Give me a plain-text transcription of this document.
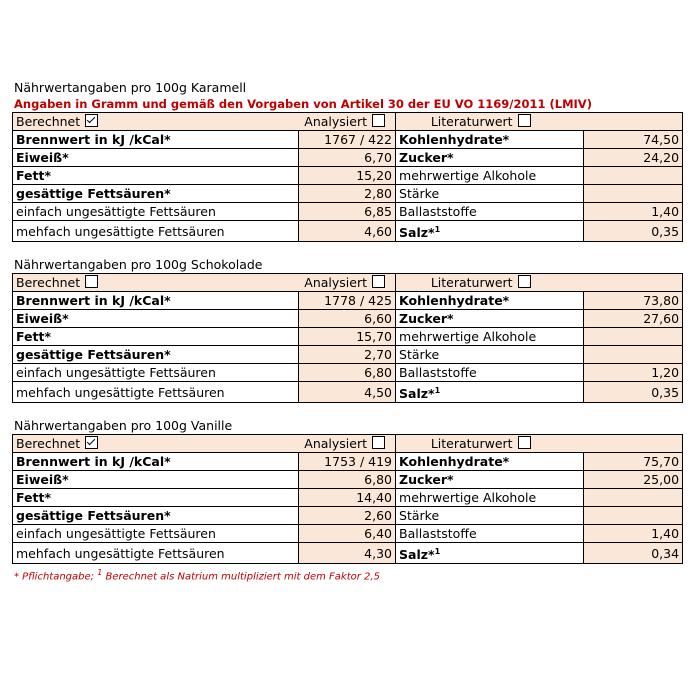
Nährwertangaben pro 100g Karamell
Angaben in Gramm und gemäß den Vorgaben von Artikel 30 der EU VO 1169/2011 (LMIV)
Berechnet Analysiert		Literaturwert	
Brennwert in kJ /kCal*	1767 / 422	Kohlenhydrate*	74,50
Eiweiß*	6,70	Zucker*	24,20
Fett*	15,20	mehrwertige Alkohole	
gesättige Fettsäuren*	2,80	Stärke	
einfach ungesättigte Fettsäuren	6,85	Ballaststoffe	1,40
mehfach ungesättigte Fettsäuren	4,60	Salz*$^1$	0,35
Nährwertangaben pro 100g Schokolade
Berechnet Analysiert		Literaturwert	
Brennwert in kJ /kCal*	1778 / 425	Kohlenhydrate*	73,80
Eiweiß*	6,60	Zucker*	27,60
Fett*	15,70	mehrwertige Alkohole	
gesättige Fettsäuren*	2,70	Stärke	
einfach ungesättigte Fettsäuren	6,80	Ballaststoffe	1,20
mehfach ungesättigte Fettsäuren	4,50	Salz*$^1$	0,35
Nährwertangaben pro 100g Vanille
Berechnet Analysiert		Literaturwert	
Brennwert in kJ /kCal*	1753 / 419	Kohlenhydrate*	75,70
Eiweiß*	6,80	Zucker*	25,00
Fett*	14,40	mehrwertige Alkohole	
gesättige Fettsäuren*	2,60	Stärke	
einfach ungesättigte Fettsäuren	6,40	Ballaststoffe	1,40
mehfach ungesättigte Fettsäuren	4,30	Salz*$^1$	0,34
* Pflichtangabe; $^1$ Berechnet als Natrium multipliziert mit dem Faktor 2,5
